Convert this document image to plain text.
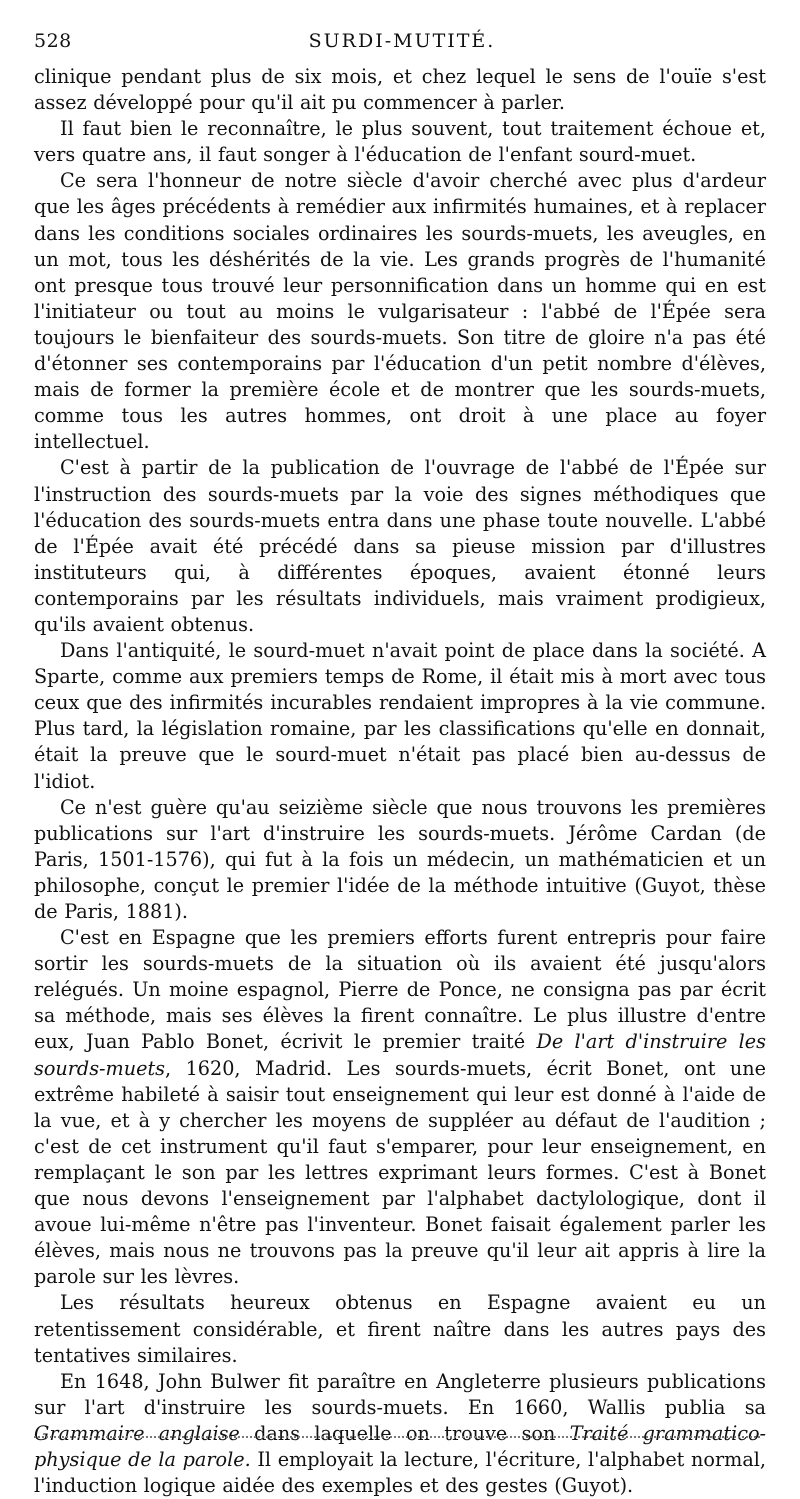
528	SURDI-MUTITÉ.

clinique pendant plus de six mois, et chez lequel le sens de l'ouïe s'est assez développé pour qu'il ait pu commencer à parler.

Il faut bien le reconnaître, le plus souvent, tout traitement échoue et, vers quatre ans, il faut songer à l'éducation de l'enfant sourd-muet.

Ce sera l'honneur de notre siècle d'avoir cherché avec plus d'ardeur que les âges précédents à remédier aux infirmités humaines, et à replacer dans les conditions sociales ordinaires les sourds-muets, les aveugles, en un mot, tous les déshérités de la vie. Les grands progrès de l'humanité ont presque tous trouvé leur personnification dans un homme qui en est l'initiateur ou tout au moins le vulgarisateur : l'abbé de l'Épée sera toujours le bienfaiteur des sourds-muets. Son titre de gloire n'a pas été d'étonner ses contemporains par l'éducation d'un petit nombre d'élèves, mais de former la première école et de montrer que les sourds-muets, comme tous les autres hommes, ont droit à une place au foyer intellectuel.

C'est à partir de la publication de l'ouvrage de l'abbé de l'Épée sur l'instruction des sourds-muets par la voie des signes méthodiques que l'éducation des sourds-muets entra dans une phase toute nouvelle. L'abbé de l'Épée avait été précédé dans sa pieuse mission par d'illustres instituteurs qui, à différentes époques, avaient étonné leurs contemporains par les résultats individuels, mais vraiment prodigieux, qu'ils avaient obtenus.

Dans l'antiquité, le sourd-muet n'avait point de place dans la société. A Sparte, comme aux premiers temps de Rome, il était mis à mort avec tous ceux que des infirmités incurables rendaient impropres à la vie commune. Plus tard, la législation romaine, par les classifications qu'elle en donnait, était la preuve que le sourd-muet n'était pas placé bien au-dessus de l'idiot.

Ce n'est guère qu'au seizième siècle que nous trouvons les premières publications sur l'art d'instruire les sourds-muets. Jérôme Cardan (de Paris, 1501-1576), qui fut à la fois un médecin, un mathématicien et un philosophe, conçut le premier l'idée de la méthode intuitive (Guyot, thèse de Paris, 1881).

C'est en Espagne que les premiers efforts furent entrepris pour faire sortir les sourds-muets de la situation où ils avaient été jusqu'alors relégués. Un moine espagnol, Pierre de Ponce, ne consigna pas par écrit sa méthode, mais ses élèves la firent connaître. Le plus illustre d'entre eux, Juan Pablo Bonet, écrivit le premier traité De l'art d'instruire les sourds-muets, 1620, Madrid. Les sourds-muets, écrit Bonet, ont une extrême habileté à saisir tout enseignement qui leur est donné à l'aide de la vue, et à y chercher les moyens de suppléer au défaut de l'audition ; c'est de cet instrument qu'il faut s'emparer, pour leur enseignement, en remplaçant le son par les lettres exprimant leurs formes. C'est à Bonet que nous devons l'enseignement par l'alphabet dactylologique, dont il avoue lui-même n'être pas l'inventeur. Bonet faisait également parler les élèves, mais nous ne trouvons pas la preuve qu'il leur ait appris à lire la parole sur les lèvres.

Les résultats heureux obtenus en Espagne avaient eu un retentissement considérable, et firent naître dans les autres pays des tentatives similaires.

En 1648, John Bulwer fit paraître en Angleterre plusieurs publications sur l'art d'instruire les sourds-muets. En 1660, Wallis publia sa Grammaire anglaise dans laquelle on trouve son Traité grammatico-physique de la parole. Il employait la lecture, l'écriture, l'alphabet normal, l'induction logique aidée des exemples et des gestes (Guyot).
